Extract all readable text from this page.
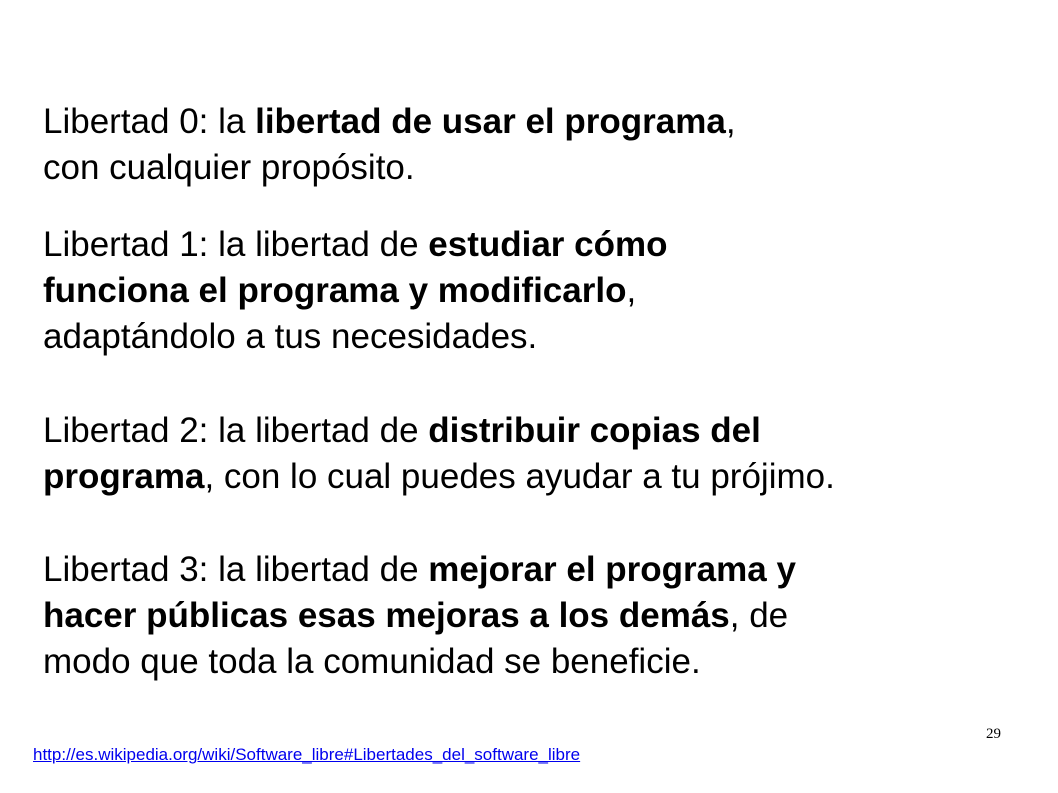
Libertad 0: la libertad de usar el programa,
con cualquier propósito.

Libertad 1: la libertad de estudiar cómo
funciona el programa y modificarlo,
adaptándolo a tus necesidades.

Libertad 2: la libertad de distribuir copias del
programa, con lo cual puedes ayudar a tu prójimo.

Libertad 3: la libertad de mejorar el programa y
hacer públicas esas mejoras a los demás, de
modo que toda la comunidad se beneficie.

29
http://es.wikipedia.org/wiki/Software_libre#Libertades_del_software_libre
